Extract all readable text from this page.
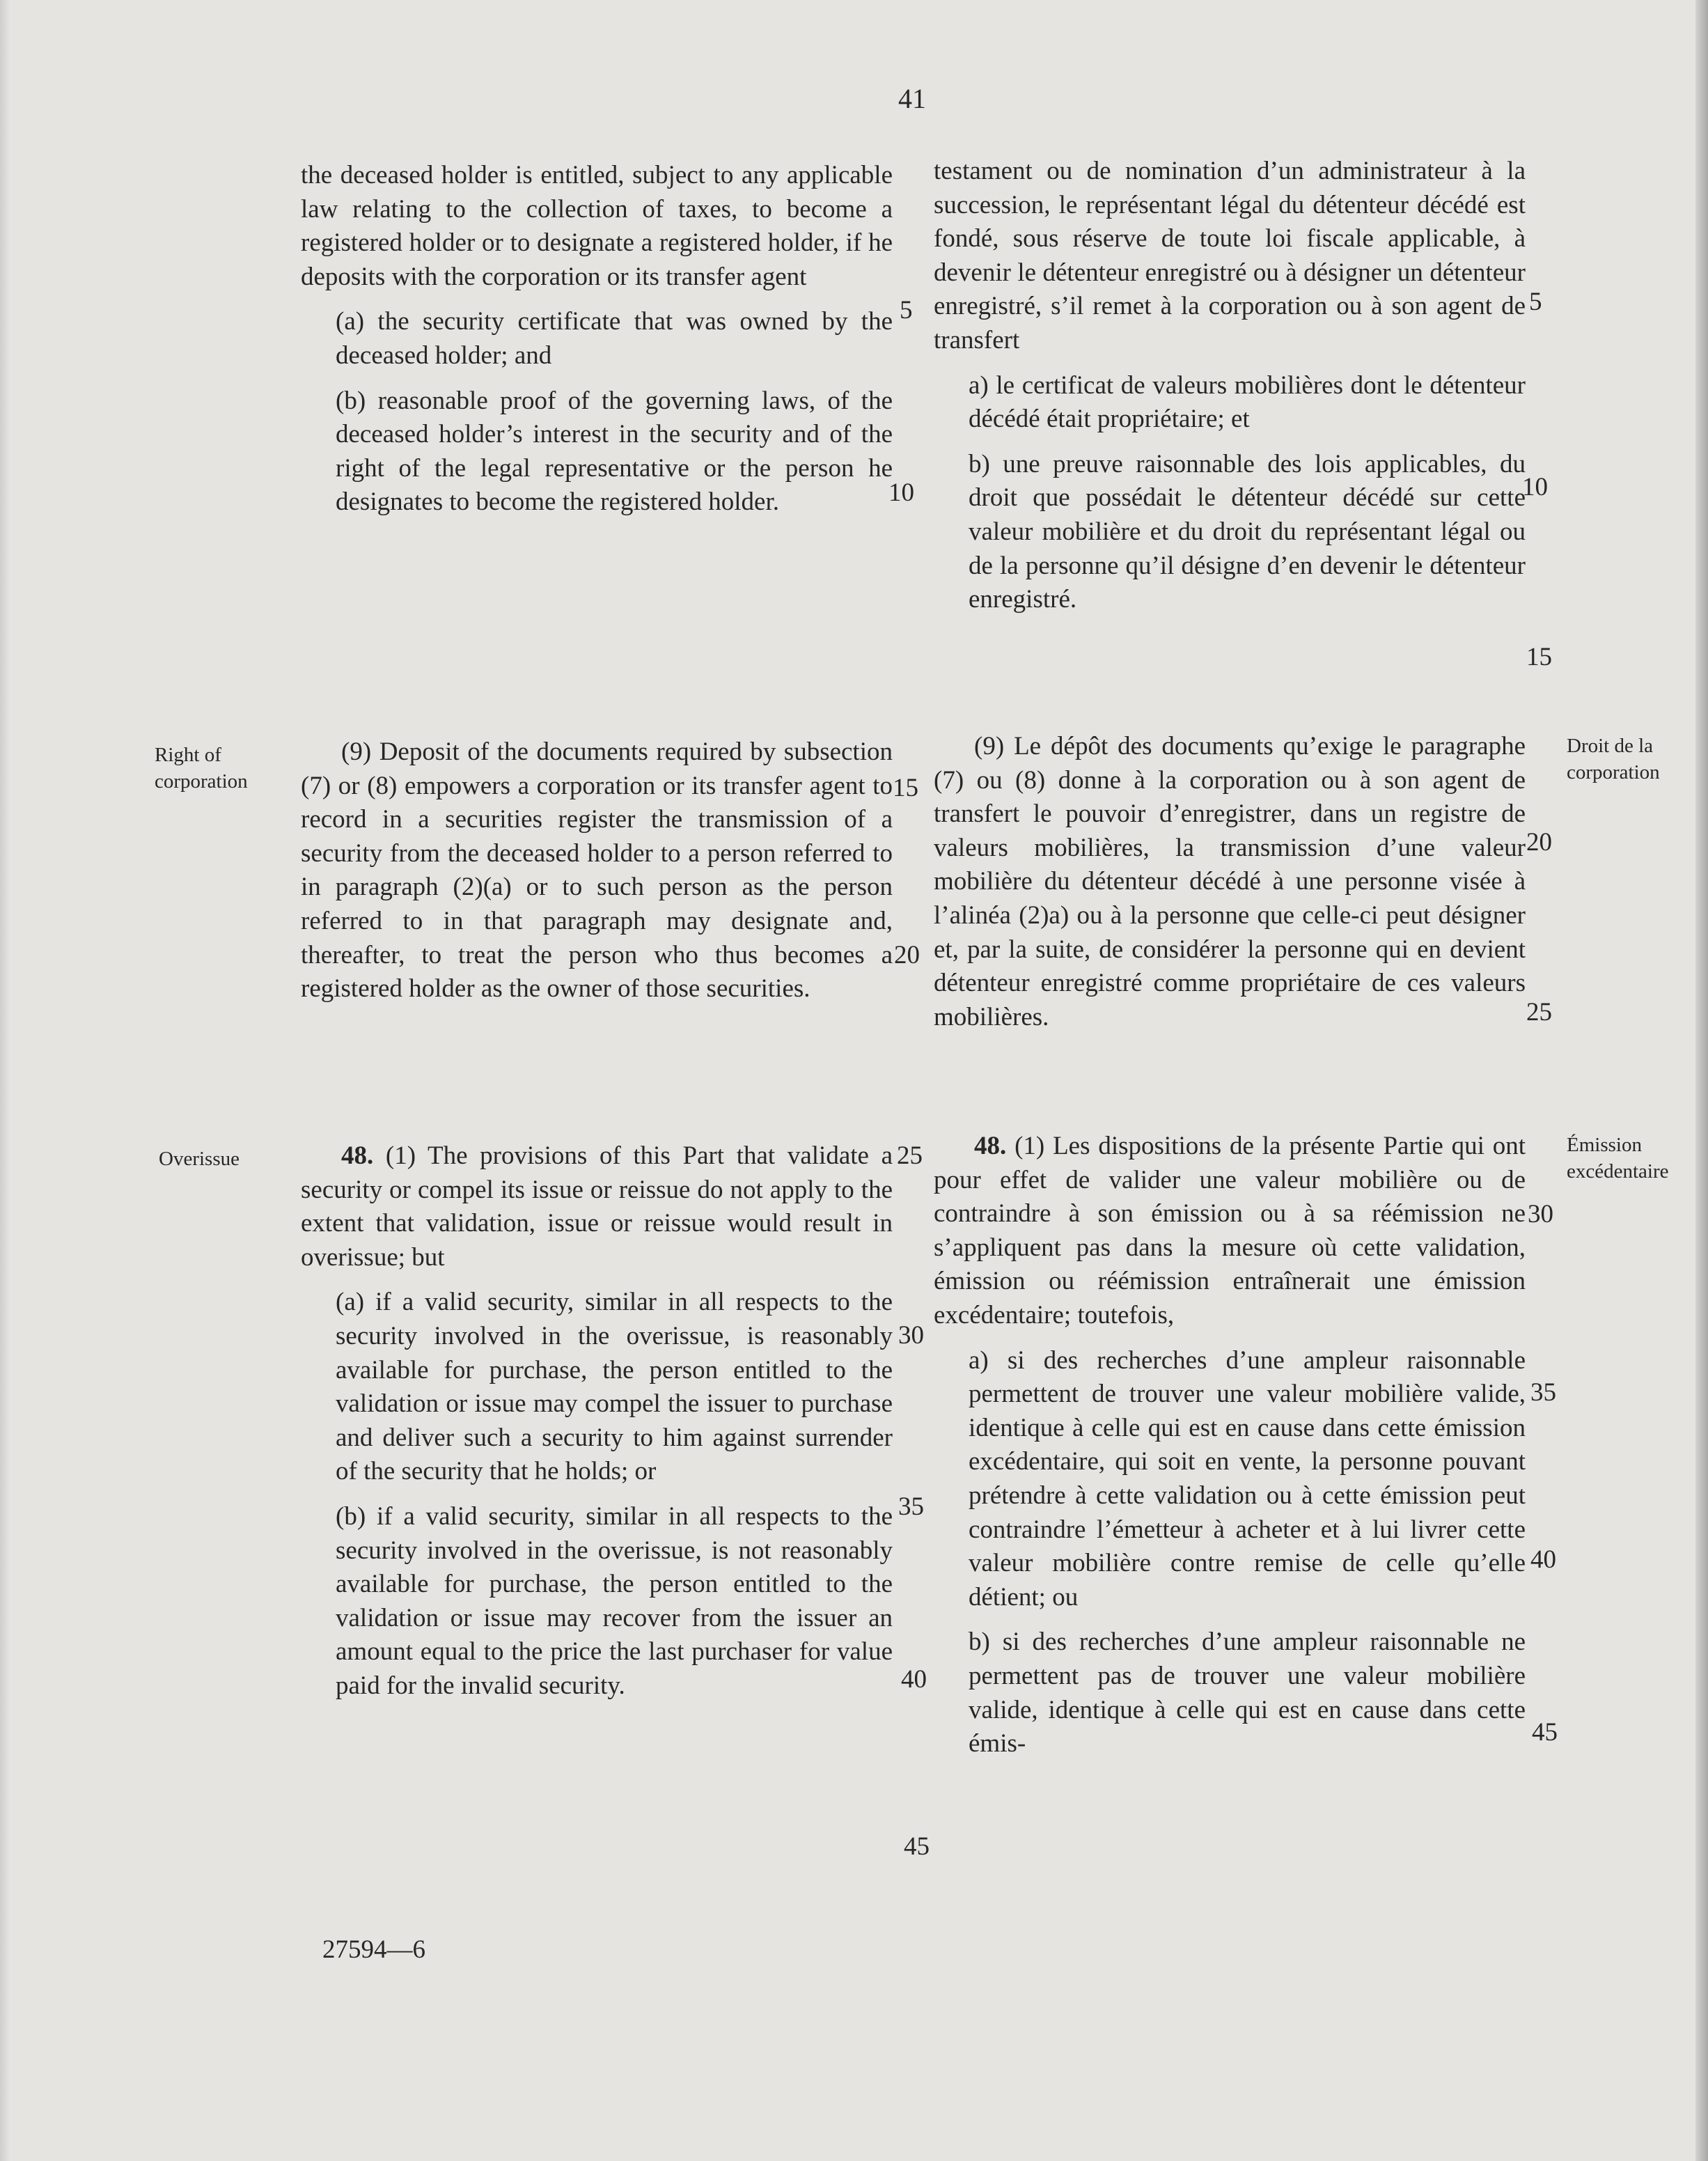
41
Right of
corporation
Overissue
Droit de la
corporation
Émission
excédentaire

the deceased holder is entitled, subject to any applicable law relating to the collection of taxes, to become a registered holder or to designate a registered holder, if he deposits with the corporation or its transfer agent

(a) the security certificate that was owned by the deceased holder; and

(b) reasonable proof of the governing laws, of the deceased holder’s interest in the security and of the right of the legal representative or the person he designates to become the registered holder.

(9) Deposit of the documents required by subsection (7) or (8) empowers a corporation or its transfer agent to record in a securities register the transmission of a security from the deceased holder to a person referred to in paragraph (2)(a) or to such person as the person referred to in that paragraph may designate and, thereafter, to treat the person who thus becomes a registered holder as the owner of those securities.

48. (1) The provisions of this Part that validate a security or compel its issue or reissue do not apply to the extent that validation, issue or reissue would result in overissue; but

(a) if a valid security, similar in all respects to the security involved in the overissue, is reasonably available for purchase, the person entitled to the validation or issue may compel the issuer to purchase and deliver such a security to him against surrender of the security that he holds; or

(b) if a valid security, similar in all respects to the security involved in the overissue, is not reasonably available for purchase, the person entitled to the validation or issue may recover from the issuer an amount equal to the price the last purchaser for value paid for the invalid security.

testament ou de nomination d’un administrateur à la succession, le représentant légal du détenteur décédé est fondé, sous réserve de toute loi fiscale applicable, à devenir le détenteur enregistré ou à désigner un détenteur enregistré, s’il remet à la corporation ou à son agent de transfert

a) le certificat de valeurs mobilières dont le détenteur décédé était propriétaire; et

b) une preuve raisonnable des lois applicables, du droit que possédait le détenteur décédé sur cette valeur mobilière et du droit du représentant légal ou de la personne qu’il désigne d’en devenir le détenteur enregistré.

(9) Le dépôt des documents qu’exige le paragraphe (7) ou (8) donne à la corporation ou à son agent de transfert le pouvoir d’enregistrer, dans un registre de valeurs mobilières, la transmission d’une valeur mobilière du détenteur décédé à une personne visée à l’alinéa (2)a) ou à la personne que celle-ci peut désigner et, par la suite, de considérer la personne qui en devient détenteur enregistré comme propriétaire de ces valeurs mobilières.

48. (1) Les dispositions de la présente Partie qui ont pour effet de valider une valeur mobilière ou de contraindre à son émission ou à sa réémission ne s’appliquent pas dans la mesure où cette validation, émission ou réémission entraînerait une émission excédentaire; toutefois,

a) si des recherches d’une ampleur raisonnable permettent de trouver une valeur mobilière valide, identique à celle qui est en cause dans cette émission excédentaire, qui soit en vente, la personne pouvant prétendre à cette validation ou à cette émission peut contraindre l’émetteur à acheter et à lui livrer cette valeur mobilière contre remise de celle qu’elle détient; ou

b) si des recherches d’une ampleur raisonnable ne permettent pas de trouver une valeur mobilière valide, identique à celle qui est en cause dans cette émis-

5
10
15
20
25
30
35
40
45
5
10
15
20
25
30
35
40
45
27594—6
